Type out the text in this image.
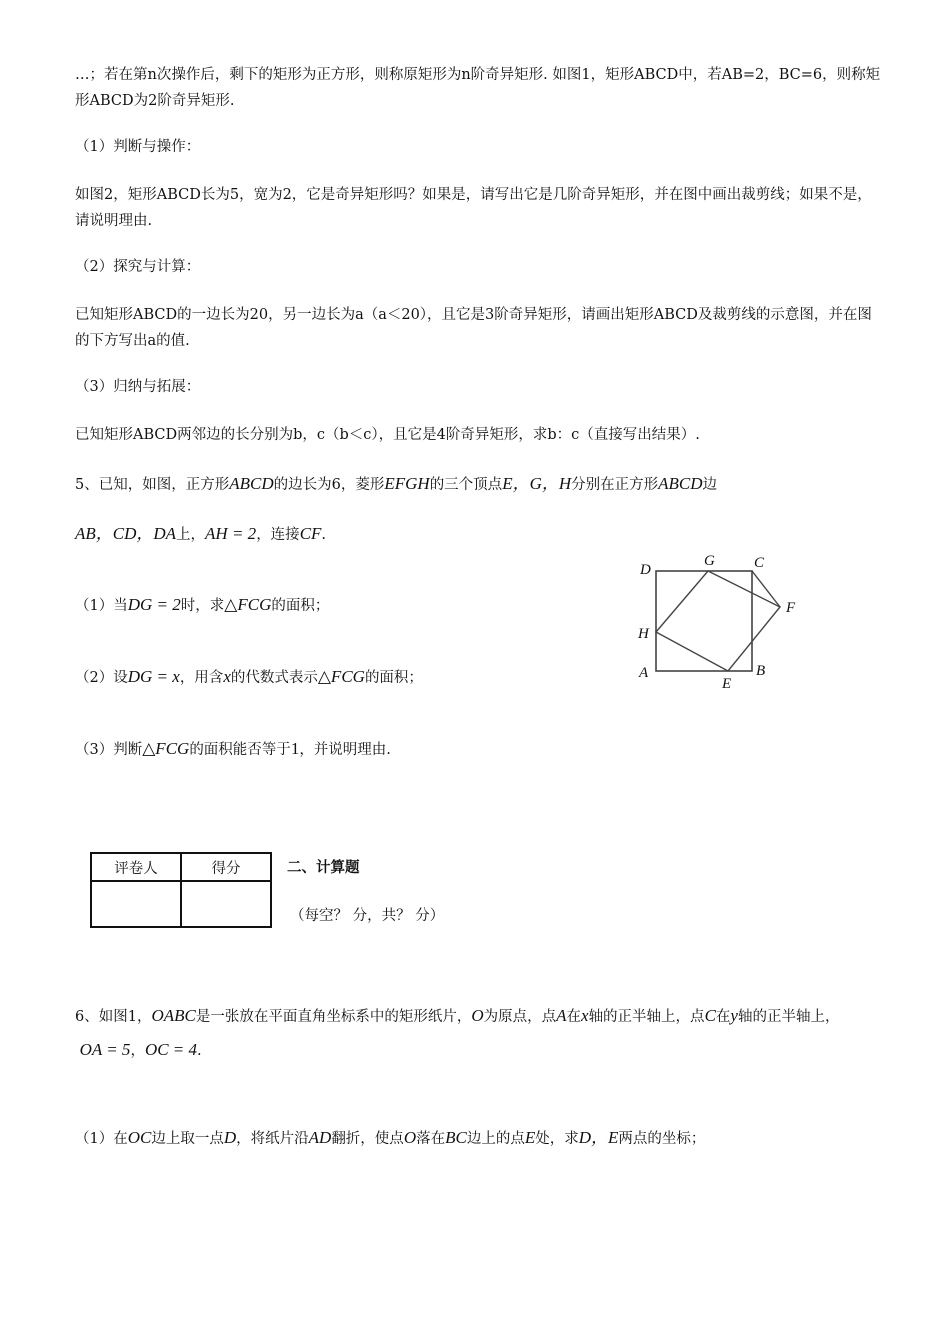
…；若在第n次操作后，剩下的矩形为正方形，则称原矩形为n阶奇异矩形. 如图1，矩形ABCD中，若AB=2，BC=6，则称矩形ABCD为2阶奇异矩形.

（1）判断与操作：

如图2，矩形ABCD长为5，宽为2，它是奇异矩形吗？如果是，请写出它是几阶奇异矩形，并在图中画出裁剪线；如果不是，请说明理由.

（2）探究与计算：

已知矩形ABCD的一边长为20，另一边长为a（a＜20），且它是3阶奇异矩形，请画出矩形ABCD及裁剪线的示意图，并在图的下方写出a的值.

（3）归纳与拓展：

已知矩形ABCD两邻边的长分别为b，c（b＜c），且它是4阶奇异矩形，求b：c（直接写出结果）.

5、已知，如图，正方形ABCD的边长为6，菱形EFGH的三个顶点E，G，H分别在正方形ABCD边

AB，CD，DA上，AH = 2，连接CF.

（1）当DG = 2时，求△FCG的面积；

（2）设DG = x，用含x的代数式表示△FCG的面积；

（3）判断△FCG的面积能否等于1，并说明理由.

D
G	C
F
H
A
E
B
评卷人	得分
		二、计算题
（每空？ 分，共？ 分）

6、如图1，OABC是一张放在平面直角坐标系中的矩形纸片，O为原点，点A在x轴的正半轴上，点C在y轴的正半轴上，
OA = 5，OC = 4.

（1）在OC边上取一点D，将纸片沿AD翻折，使点O落在BC边上的点E处，求D，E两点的坐标；
